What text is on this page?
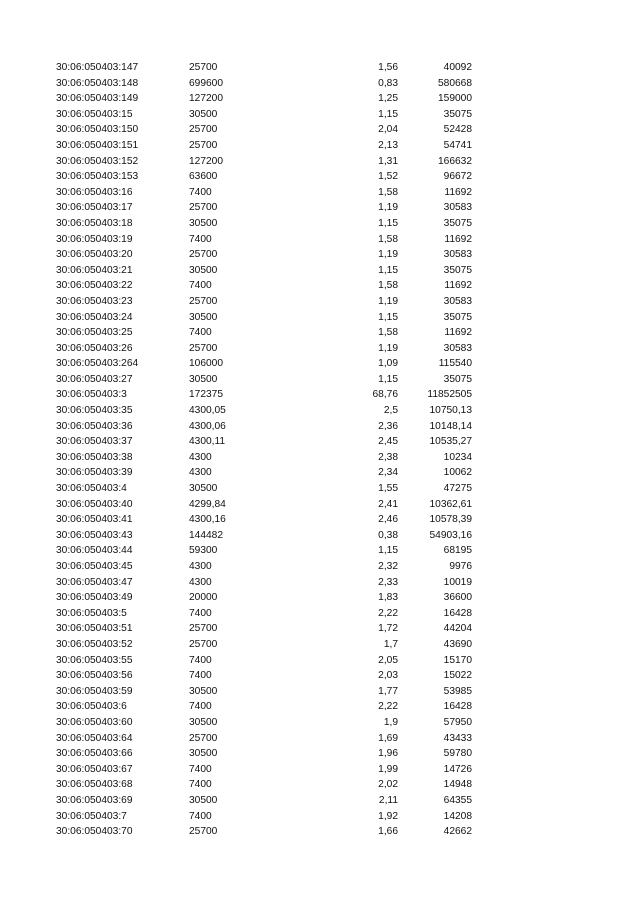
30:06:050403:147	25700	1,56	40092
30:06:050403:148	699600	0,83	580668
30:06:050403:149	127200	1,25	159000
30:06:050403:15	30500	1,15	35075
30:06:050403:150	25700	2,04	52428
30:06:050403:151	25700	2,13	54741
30:06:050403:152	127200	1,31	166632
30:06:050403:153	63600	1,52	96672
30:06:050403:16	7400	1,58	11692
30:06:050403:17	25700	1,19	30583
30:06:050403:18	30500	1,15	35075
30:06:050403:19	7400	1,58	11692
30:06:050403:20	25700	1,19	30583
30:06:050403:21	30500	1,15	35075
30:06:050403:22	7400	1,58	11692
30:06:050403:23	25700	1,19	30583
30:06:050403:24	30500	1,15	35075
30:06:050403:25	7400	1,58	11692
30:06:050403:26	25700	1,19	30583
30:06:050403:264	106000	1,09	115540
30:06:050403:27	30500	1,15	35075
30:06:050403:3	172375	68,76	11852505
30:06:050403:35	4300,05	2,5	10750,13
30:06:050403:36	4300,06	2,36	10148,14
30:06:050403:37	4300,11	2,45	10535,27
30:06:050403:38	4300	2,38	10234
30:06:050403:39	4300	2,34	10062
30:06:050403:4	30500	1,55	47275
30:06:050403:40	4299,84	2,41	10362,61
30:06:050403:41	4300,16	2,46	10578,39
30:06:050403:43	144482	0,38	54903,16
30:06:050403:44	59300	1,15	68195
30:06:050403:45	4300	2,32	9976
30:06:050403:47	4300	2,33	10019
30:06:050403:49	20000	1,83	36600
30:06:050403:5	7400	2,22	16428
30:06:050403:51	25700	1,72	44204
30:06:050403:52	25700	1,7	43690
30:06:050403:55	7400	2,05	15170
30:06:050403:56	7400	2,03	15022
30:06:050403:59	30500	1,77	53985
30:06:050403:6	7400	2,22	16428
30:06:050403:60	30500	1,9	57950
30:06:050403:64	25700	1,69	43433
30:06:050403:66	30500	1,96	59780
30:06:050403:67	7400	1,99	14726
30:06:050403:68	7400	2,02	14948
30:06:050403:69	30500	2,11	64355
30:06:050403:7	7400	1,92	14208
30:06:050403:70	25700	1,66	42662
